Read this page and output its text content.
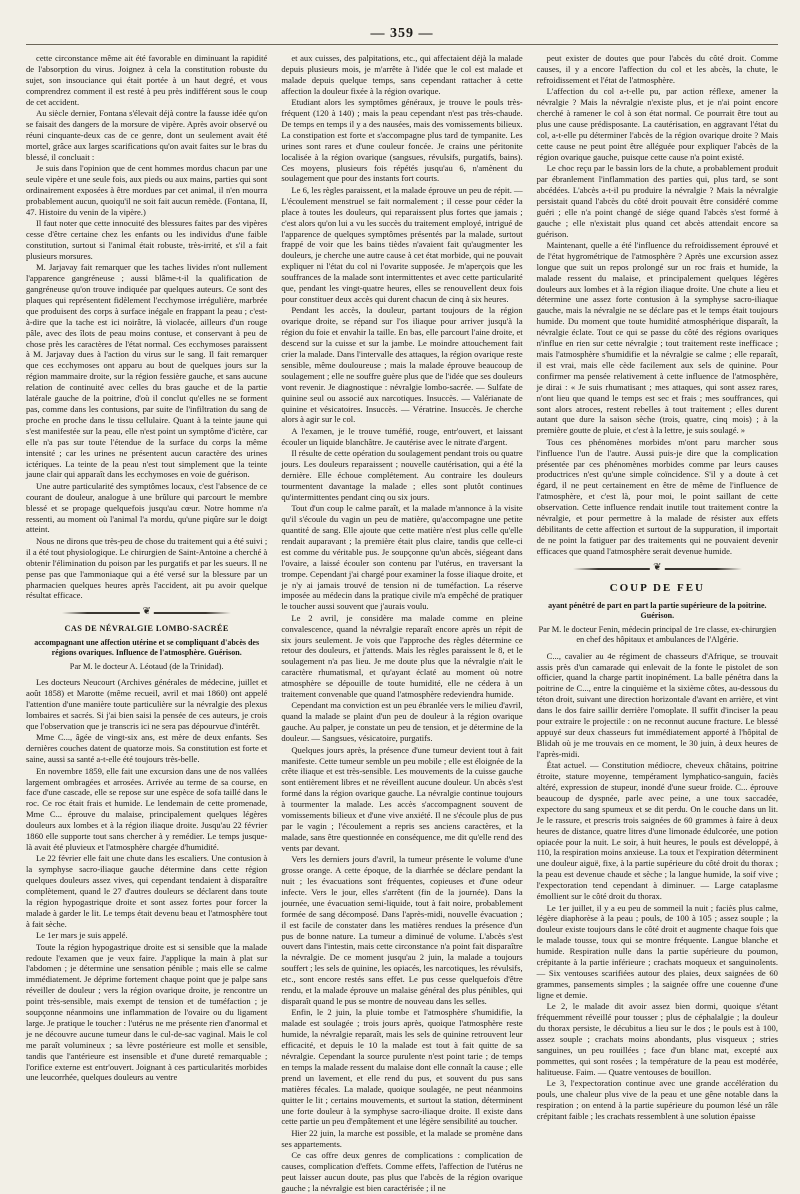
— 359 —

cette circonstance même ait été favorable en diminuant la rapidité de l'absorption du virus. Joignez à cela la constitution robuste du sujet, son insouciance qui était portée à un haut degré, et vous comprendrez comment il est resté à peu près indifférent sous le coup de cet accident.

Au siècle dernier, Fontana s'élevait déjà contre la fausse idée qu'on se faisait des dangers de la morsure de vipère. Après avoir observé ou réuni cinquante-deux cas de ce genre, dont un seulement avait été mortel, grâce aux larges scarifications qu'on avait faites sur le bras du blessé, il concluait :

Je suis dans l'opinion que de cent hommes mordus chacun par une seule vipère et une seule fois, aux pieds ou aux mains, parties qui sont ordinairement exposées à être mordues par cet animal, il n'en mourra probablement aucun, quoiqu'il ne soit fait aucun remède. (Fontana, II, 47. Histoire du venin de la vipère.)

Il faut noter que cette innocuité des blessures faites par des vipères cesse d'être certaine chez les enfants ou les individus d'une faible constitution, surtout si l'animal était robuste, très-irrité, et s'il a fait plusieurs morsures.

M. Jarjavay fait remarquer que les taches livides n'ont nullement l'apparence gangréneuse ; aussi blâme-t-il la qualification de gangréneuse qu'on trouve indiquée par quelques auteurs. Ce sont des plaques qui représentent fidèlement l'ecchymose irrégulière, marbrée que produisent des corps à surface inégale en frappant la peau ; c'est-à-dire que la tache est ici noirâtre, là violacée, ailleurs d'un rouge pâle, avec des îlots de peau moins contuse, et conservant à peu de chose près les caractères de l'état normal. Ces ecchymoses paraissent à M. Jarjavay dues à l'action du virus sur le sang. Il fait remarquer que ces ecchymoses ont apparu au bout de quelques jours sur la région mammaire droite, sur la région fessière gauche, et sans aucune relation de continuité avec celles du bras gauche et de la partie latérale gauche de la poitrine, d'où il conclut qu'elles ne se forment pas, comme dans les contusions, par suite de l'infiltration du sang de proche en proche dans le tissu cellulaire. Quant à la teinte jaune qui s'est manifestée sur la peau, elle n'est point un symptôme d'ictère, car elle n'a pas sur toute l'étendue de la surface du corps la même intensité ; car les urines ne présentent aucun caractère des urines ictériques. La teinte de la peau n'est tout simplement que la teinte jaune clair qui apparaît dans les ecchymoses en voie de guérison.

Une autre particularité des symptômes locaux, c'est l'absence de ce courant de douleur, analogue à une brûlure qui parcourt le membre blessé et se propage quelquefois jusqu'au cœur. Notre homme n'a ressenti, au moment où l'animal l'a mordu, qu'une piqûre sur le doigt atteint.

Nous ne dirons que très-peu de chose du traitement qui a été suivi ; il a été tout physiologique. Le chirurgien de Saint-Antoine a cherché à obtenir l'élimination du poison par les purgatifs et par les sueurs. Il ne pense pas que l'ammoniaque qui a été versé sur la blessure par un pharmacien quelques heures après l'accident, ait pu avoir quelque résultat efficace.

❦
CAS DE NÉVRALGIE LOMBO-SACRÉE
accompagnant une affection utérine et se compliquant d'abcès des régions ovariques. Influence de l'atmosphère. Guérison.
Par M. le docteur A. Léotaud (de la Trinidad).

Les docteurs Neucourt (Archives générales de médecine, juillet et août 1858) et Marotte (même recueil, avril et mai 1860) ont appelé l'attention d'une manière toute particulière sur la névralgie des plexus lombaires et sacrés. Si j'ai bien saisi la pensée de ces auteurs, je crois que l'observation que je transcris ici ne sera pas dépourvue d'intérêt.

Mme C..., âgée de vingt-six ans, est mère de deux enfants. Ses dernières couches datent de quatorze mois. Sa constitution est forte et saine, aussi sa santé a-t-elle été toujours très-belle.

En novembre 1859, elle fait une excursion dans une de nos vallées largement ombragées et arrosées. Arrivée au terme de sa course, en face d'une cascade, elle se repose sur une espèce de sofa taillé dans le roc. Ce roc était frais et humide. Le lendemain de cette promenade, Mme C... éprouve du malaise, principalement quelques légères douleurs aux lombes et à la région iliaque droite. Jusqu'au 22 février 1860 elle supporte tout sans chercher à y remédier. Le temps jusque-là avait été pluvieux et l'atmosphère chargée d'humidité.

Le 22 février elle fait une chute dans les escaliers. Une contusion à la symphyse sacro-iliaque gauche détermine dans cette région quelques douleurs assez vives, qui cependant tendaient à disparaître complètement, quand le 27 d'autres douleurs se déclarent dans toute la région hypogastrique droite et sont assez fortes pour forcer la malade à garder le lit. Le temps était devenu beau et l'atmosphère tout à fait sèche.

Le 1er mars je suis appelé.

Toute la région hypogastrique droite est si sensible que la malade redoute l'examen que je veux faire. J'applique la main à plat sur l'abdomen ; je détermine une sensation pénible ; mais elle se calme immédiatement. Je déprime fortement chaque point que je palpe sans réveiller de douleur ; vers la région ovarique droite, je rencontre un point très-sensible, mais exempt de tension et de tuméfaction ; je soupçonne néanmoins une inflammation de l'ovaire ou du ligament large. Je pratique le toucher : l'utérus ne me présente rien d'anormal et je ne découvre aucune tumeur dans le cul-de-sac vaginal. Mais le col me paraît volumineux ; sa lèvre postérieure est molle et sensible, tandis que l'antérieure est insensible et d'une dureté remarquable ; l'orifice externe est entr'ouvert. Joignant à ces particularités morbides une leucorrhée, quelques douleurs au ventre

et aux cuisses, des palpitations, etc., qui affectaient déjà la malade depuis plusieurs mois, je m'arrête à l'idée que le col est malade et malade depuis quelque temps, sans cependant rattacher à cette affection la douleur fixée à la région ovarique.

Etudiant alors les symptômes généraux, je trouve le pouls très-fréquent (120 à 140) ; mais la peau cependant n'est pas très-chaude. De temps en temps il y a des nausées, mais des vomissements bilieux. La constipation est forte et s'accompagne plus tard de tympanite. Les urines sont rares et d'une couleur foncée. Je crains une péritonite localisée à la région ovarique (sangsues, révulsifs, purgatifs, bains). Ces moyens, plusieurs fois répétés jusqu'au 6, n'amènent du soulagement que pour des instants fort courts.

Le 6, les règles paraissent, et la malade éprouve un peu de répit. — L'écoulement menstruel se fait normalement ; il cesse pour céder la place à toutes les douleurs, qui reparaissent plus fortes que jamais ; c'est alors qu'on lui a vu les succès du traitement employé, intrigué de l'apparence de quelques symptômes présentés par la malade, surtout frappé de voir que les bains tièdes n'avaient fait qu'augmenter les douleurs, je cherche une autre cause à cet état morbide, qui ne pouvait expliquer ni l'état du col ni l'ovarite supposée. Je m'aperçois que les souffrances de la malade sont intermittentes et avec cette particularité que, pendant les vingt-quatre heures, elles se renouvellent deux fois pour constituer deux accès qui durent chacun de cinq à six heures.

Pendant les accès, la douleur, partant toujours de la région ovarique droite, se répand sur l'os iliaque pour arriver jusqu'à la région du foie et envahir la taille. En bas, elle parcourt l'aine droite, et descend sur la cuisse et sur la jambe. Le moindre attouchement fait crier la malade. Dans l'intervalle des attaques, la région ovarique reste sensible, même douloureuse ; mais la malade éprouve beaucoup de soulagement ; elle ne souffre guère plus que de l'idée que ses douleurs vont revenir. Je diagnostique : névralgie lombo-sacrée. — Sulfate de quinine seul ou associé aux narcotiques. Insuccès. — Valérianate de quinine et vésicatoires. Insuccès. — Vératrine. Insuccès. Je cherche alors à agir sur le col.

A l'examen, je le trouve tuméfié, rouge, entr'ouvert, et laissant écouler un liquide blanchâtre. Je cautérise avec le nitrate d'argent.

Il résulte de cette opération du soulagement pendant trois ou quatre jours. Les douleurs reparaissent ; nouvelle cautérisation, qui a été la dernière. Elle échoue complétement. Au contraire les douleurs tourmentent davantage la malade ; elles sont plutôt continues qu'intermittentes pendant cinq ou six jours.

Tout d'un coup le calme paraît, et la malade m'annonce à la visite qu'il s'écoule du vagin un peu de matière, qu'accompagne une petite quantité de sang. Elle ajoute que cette matière n'est plus celle qu'elle rendait auparavant ; la première était plus claire, tandis que celle-ci est comme du véritable pus. Je soupçonne qu'un abcès, siégeant dans l'ovaire, a laissé écouler son contenu par l'utérus, en traversant la trompe. Cependant j'ai chargé pour examiner la fosse iliaque droite, et je n'y ai jamais trouvé de tension ni de tuméfaction. La réserve imposée au médecin dans la pratique civile m'a empêché de pratiquer le toucher aussi souvent que j'aurais voulu.

Le 2 avril, je considère ma malade comme en pleine convalescence, quand la névralgie reparaît encore après un répit de six jours seulement. Je vois que l'approche des règles détermine ce retour des douleurs, et j'attends. Mais les règles paraissent le 8, et le soulagement n'a pas lieu. Je me doute plus que la névralgie n'ait le caractère rhumatismal, et qu'ayant éclaté au moment où notre atmosphère se dépouille de toute humidité, elle ne cédera à un traitement convenable que quand l'atmosphère redeviendra humide.

Cependant ma conviction est un peu ébranlée vers le milieu d'avril, quand la malade se plaint d'un peu de douleur à la région ovarique gauche. Au palper, je constate un peu de tension, et je détermine de la douleur. — Sangsues, vésicatoire, purgatifs.

Quelques jours après, la présence d'une tumeur devient tout à fait manifeste. Cette tumeur semble un peu mobile ; elle est éloignée de la crête iliaque et est très-sensible. Les mouvements de la cuisse gauche sont entièrement libres et ne réveillent aucune douleur. Un abcès s'est formé dans la région ovarique gauche. La névralgie continue toujours à tourmenter la malade. Les accès s'accompagnent souvent de vomissements bilieux et d'une vive anxiété. Il ne s'écoule plus de pus par le vagin ; l'écoulement a repris ses anciens caractères, et la malade, sans être questionnée en conséquence, me dit qu'elle rend des vents par devant.

Vers les derniers jours d'avril, la tumeur présente le volume d'une grosse orange. A cette époque, de la diarrhée se déclare pendant la nuit ; les évacuations sont fréquentes, copieuses et d'une odeur infecte. Vers le jour, elles s'arrêtent (fin de la journée). Dans la journée, une évacuation semi-liquide, tout à fait noire, probablement formée de sang décomposé. Dans l'après-midi, nouvelle évacuation ; il est facile de constater dans les matières rendues la présence d'un pus de bonne nature. La tumeur a diminué de volume. L'abcès s'est ouvert dans l'intestin, mais cette circonstance n'a point fait disparaître la névralgie. De ce moment jusqu'au 2 juin, la malade a toujours souffert ; les sels de quinine, les opiacés, les narcotiques, les révulsifs, etc., sont encore restés sans effet. Le pus cesse quelquefois d'être rendu, et la malade éprouve un malaise général des plus pénibles, qui disparaît quand le pus se montre de nouveau dans les selles.

Enfin, le 2 juin, la pluie tombe et l'atmosphère s'humidifie, la malade est soulagée ; trois jours après, quoique l'atmosphère reste humide, la névralgie reparaît, mais les sels de quinine retrouvent leur efficacité, et depuis le 10 la malade est tout à fait quitte de sa névralgie. Cependant la source purulente n'est point tarie ; de temps en temps la malade ressent du malaise dont elle connaît la cause ; elle prend un lavement, et elle rend du pus, et souvent du pus sans matières fécales. La malade, quoique soulagée, ne peut néanmoins quitter le lit ; certains mouvements, et surtout la station, déterminent une forte douleur à la symphyse sacro-iliaque droite. Il existe dans cette partie un peu d'empâtement et une légère sensibilité au toucher.

Hier 22 juin, la marche est possible, et la malade se promène dans ses appartements.

Ce cas offre deux genres de complications : complication de causes, complication d'effets. Comme effets, l'affection de l'utérus ne peut laisser aucun doute, pas plus que l'abcès de la région ovarique gauche ; la névralgie est bien caractérisée ; il ne

peut exister de doutes que pour l'abcès du côté droit. Comme causes, il y a encore l'affection du col et les abcès, la chute, le refroidissement et l'état de l'atmosphère.

L'affection du col a-t-elle pu, par action réflexe, amener la névralgie ? Mais la névralgie n'existe plus, et je n'ai point encore cherché à ramener le col à son état normal. Ce pourrait être tout au plus une cause prédisposante. La cautérisation, en aggravant l'état du col, a-t-elle pu déterminer l'abcès de la région ovarique droite ? Mais cette cause ne peut point être alléguée pour expliquer l'abcès de la région ovarique gauche, puisque cette cause n'a point existé.

Le choc reçu par le bassin lors de la chute, a probablement produit par ébranlement l'inflammation des parties qui, plus tard, se sont abcédées. L'abcès a-t-il pu produire la névralgie ? Mais la névralgie persistait quand l'abcès du côté droit pouvait être considéré comme guéri ; elle n'a point changé de siége quand l'abcès s'est formé à gauche ; elle n'existait plus quand cet abcès attendait encore sa guérison.

Maintenant, quelle a été l'influence du refroidissement éprouvé et de l'état hygrométrique de l'atmosphère ? Après une excursion assez longue que suit un repos prolongé sur un roc frais et humide, la malade ressent du malaise, et principalement quelques légères douleurs aux lombes et à la région iliaque droite. Une chute a lieu et détermine une assez forte contusion à la symphyse sacro-iliaque gauche, mais la névralgie ne se déclare pas et le temps était toujours humide. Du moment que toute humidité atmosphérique disparaît, la névralgie éclate. Tout ce qui se passe du côté des régions ovariques n'influe en rien sur cette névralgie ; tout traitement reste inefficace ; mais l'atmosphère s'humidifie et la névralgie se calme ; elle reparaît, il est vrai, mais elle cède facilement aux sels de quinine. Pour confirmer ma pensée relativement à cette influence de l'atmosphère, je dirai : « Je suis rhumatisant ; mes attaques, qui sont assez rares, n'ont lieu que quand le temps est sec et frais ; mes souffrances, qui sont alors atroces, restent rebelles à tout traitement ; elles durent autant que dure la saison sèche (trois, quatre, cinq mois) ; à la première goutte de pluie, et c'est à la lettre, je suis soulagé. »

Tous ces phénomènes morbides m'ont paru marcher sous l'influence l'un de l'autre. Aussi puis-je dire que la complication présentée par ces phénomènes morbides comme par leurs causes productrices n'est qu'une simple coïncidence. S'il y a doute à cet égard, il ne peut certainement en être de même de l'influence de l'atmosphère, et c'est là, pour moi, le point saillant de cette observation. Cette influence rendait inutile tout traitement contre la névralgie, et pour permettre à la malade de résister aux effets débilitants de cette affection et surtout de la suppuration, il importait de ne point la fatiguer par des traitements qui ne pouvaient devenir efficaces que quand l'atmosphère serait devenue humide.

❦
COUP DE FEU
ayant pénétré de part en part la partie supérieure de la poitrine. Guérison.
Par M. le docteur Fenin, médecin principal de 1re classe, ex-chirurgien en chef des hôpitaux et ambulances de l'Algérie.

C..., cavalier au 4e régiment de chasseurs d'Afrique, se trouvait assis près d'un camarade qui enlevait de la fonte le pistolet de son officier, quand la charge partit inopinément. La balle pénétra dans la poitrine de C..., entre la cinquième et la sixième côtes, au-dessous du téton droit, suivant une direction horizontale d'avant en arrière, et vint dans le dos faire saillir derrière l'omoplate. Il suffit d'inciser la peau pour extraire le projectile : on ne reconnut aucune fracture. Le blessé appuyé sur deux chasseurs fut immédiatement apporté à l'hôpital de Blidah où je me trouvais en ce moment, le 30 juin, à deux heures de l'après-midi.

État actuel. — Constitution médiocre, cheveux châtains, poitrine étroite, stature moyenne, tempérament lymphatico-sanguin, faciès altéré, expression de stupeur, inondé d'une sueur froide. C... éprouve beaucoup de dyspnée, parle avec peine, a une toux saccadée, expectore du sang spumeux et se dit perdu. On le couche dans un lit. Je le rassure, et prescris trois saignées de 60 grammes à faire à deux heures de distance, quatre litres d'une limonade édulcorée, une potion opiacée pour la nuit. Le soir, à huit heures, le pouls est développé, à 110, la respiration moins anxieuse. La toux et l'expiration déterminent une douleur aiguë, fixe, à la partie supérieure du côté droit du thorax ; la peau est devenue chaude et sèche ; la langue humide, la soif vive ; l'expectoration tend cependant à diminuer. — Large cataplasme émollient sur le côté droit du thorax.

Le 1er juillet, il y a eu peu de sommeil la nuit ; faciès plus calme, légère diaphorèse à la peau ; pouls, de 100 à 105 ; assez souple ; la douleur existe toujours dans le côté droit et augmente chaque fois que le malade tousse, toux qui se montre fréquente. Langue blanche et humide. Respiration nulle dans la partie supérieure du poumon, crépitante à la partie inférieure ; crachats moqueux et sanguinolents. — Six ventouses scarifiées autour des plaies, deux saignées de 60 grammes, pansements simples ; la saignée offre une couenne d'une ligne et demie.

Le 2, le malade dit avoir assez bien dormi, quoique s'étant fréquemment réveillé pour tousser ; plus de céphalalgie ; la douleur du thorax persiste, le décubitus a lieu sur le dos ; le pouls est à 100, assez souple ; crachats moins abondants, plus visqueux ; stries sanguines, un peu rouillées ; face d'un blanc mat, excepté aux pommettes, qui sont rosées ; la température de la peau est modérée, halitueuse. Faim. — Quatre ventouses de bouillon.

Le 3, l'expectoration continue avec une grande accélération du pouls, une chaleur plus vive de la peau et une gêne notable dans la respiration ; on entend à la partie supérieure du poumon lésé un râle crépitant faible ; les crachats ressemblent à une solution épaisse
